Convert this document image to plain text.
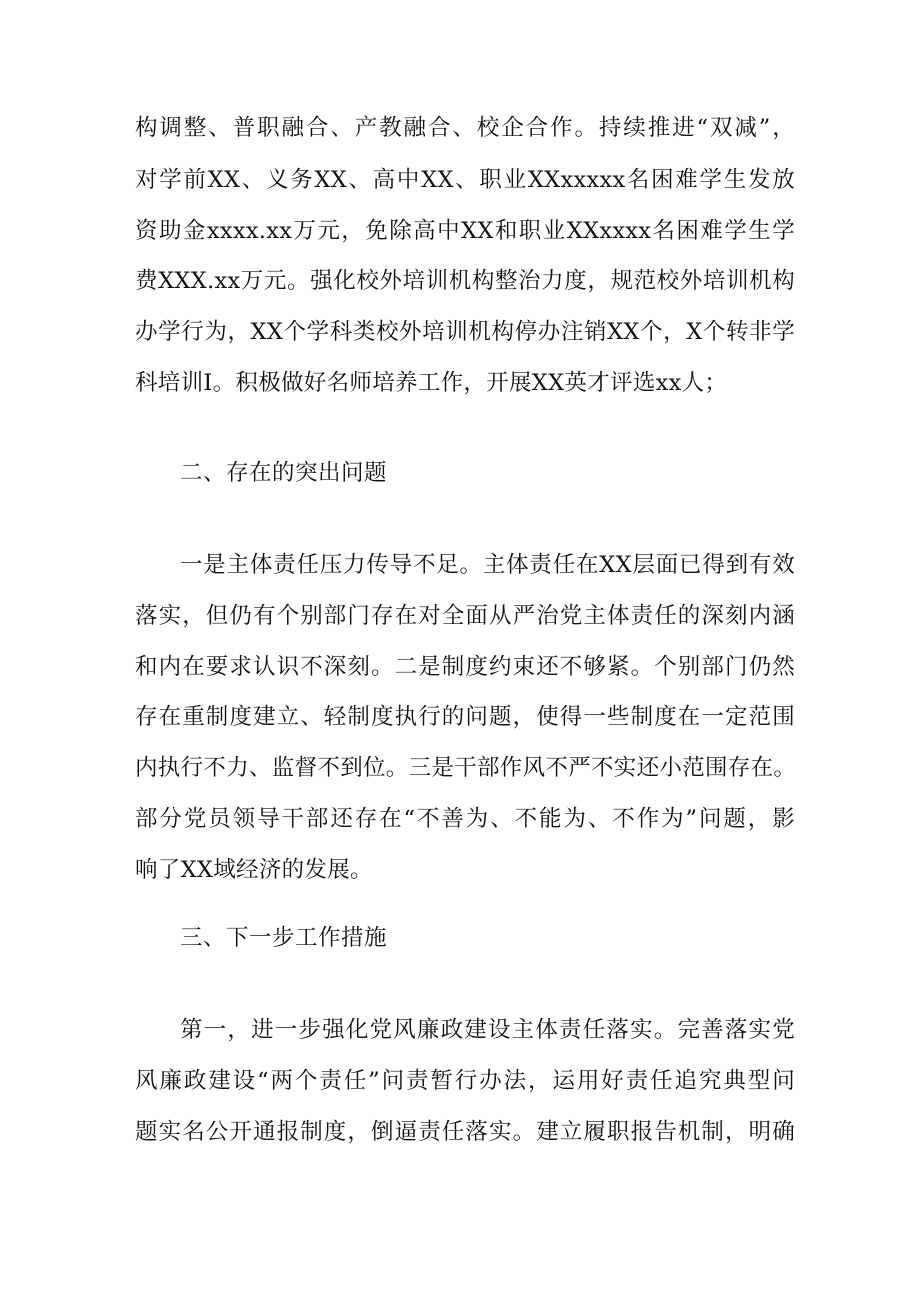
构调整、普职融合、产教融合、校企合作。持续推进“双减”，
对学前XX、义务XX、高中XX、职业XXxxxxx名困难学生发放
资助金xxxx.xx万元，免除高中XX和职业XXxxxx名困难学生学
费XXX.xx万元。强化校外培训机构整治力度，规范校外培训机构
办学行为，XX个学科类校外培训机构停办注销XX个，X个转非学
科培训Ⅰ。积极做好名师培养工作，开展XX英才评选xx人；
二、存在的突出问题
一是主体责任压力传导不足。主体责任在XX层面已得到有效
落实，但仍有个别部门存在对全面从严治党主体责任的深刻内涵
和内在要求认识不深刻。二是制度约束还不够紧。个别部门仍然
存在重制度建立、轻制度执行的问题，使得一些制度在一定范围
内执行不力、监督不到位。三是干部作风不严不实还小范围存在。
部分党员领导干部还存在“不善为、不能为、不作为”问题，影
响了XX域经济的发展。
三、下一步工作措施
第一，进一步强化党风廉政建设主体责任落实。完善落实党
风廉政建设“两个责任”问责暂行办法，运用好责任追究典型问
题实名公开通报制度，倒逼责任落实。建立履职报告机制，明确
